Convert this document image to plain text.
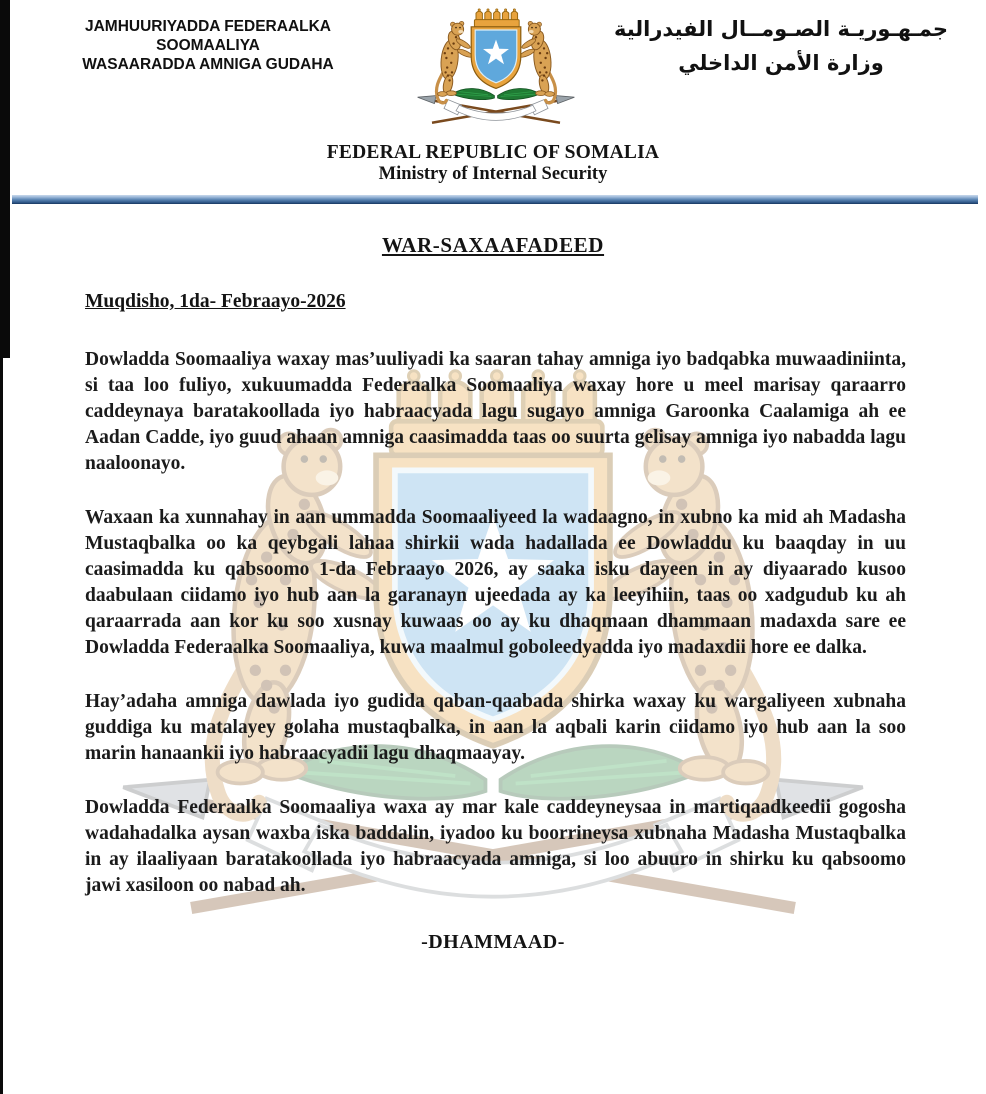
JAMHUURIYADDA FEDERAALKA
SOOMAALIYA
WASAARADDA AMNIGA GUDAHA
جمـهـوريـة الصـومــال الفيدرالية
وزارة الأمن الداخلي
FEDERAL REPUBLIC OF SOMALIA
Ministry of Internal Security
WAR-SAXAAFADEED
Muqdisho, 1da- Febraayo-2026

Dowladda Soomaaliya waxay mas’uuliyadi ka saaran tahay amniga iyo badqabka muwaadiniinta, si taa loo fuliyo, xukuumadda Federaalka Soomaaliya waxay hore u meel marisay qaraarro caddeynaya baratakoollada iyo habraacyada lagu sugayo amniga Garoonka Caalamiga ah ee Aadan Cadde, iyo guud ahaan amniga caasimadda taas oo suurta gelisay amniga iyo nabadda lagu naaloonayo.

Waxaan ka xunnahay in aan ummadda Soomaaliyeed la wadaagno, in xubno ka mid ah Madasha Mustaqbalka oo ka qeybgali lahaa shirkii wada hadallada ee Dowladdu ku baaqday in uu caasimadda ku qabsoomo 1-da Febraayo 2026, ay saaka isku dayeen in ay diyaarado kusoo daabulaan ciidamo iyo hub aan la garanayn ujeedada ay ka leeyihiin, taas oo xadgudub ku ah qaraarrada aan kor ku soo xusnay kuwaas oo ay ku dhaqmaan dhammaan madaxda sare ee Dowladda Federaalka Soomaaliya, kuwa maalmul goboleedyadda iyo madaxdii hore ee dalka.

Hay’adaha amniga dawlada iyo gudida qaban-qaabada shirka waxay ku wargaliyeen xubnaha guddiga ku matalayey golaha mustaqbalka, in aan la aqbali karin ciidamo iyo hub aan la soo marin hanaankii iyo habraacyadii lagu dhaqmaayay.

Dowladda Federaalka Soomaaliya waxa ay mar kale caddeyneysaa in martiqaadkeedii gogosha wadahadalka aysan waxba iska baddalin, iyadoo ku boorrineysa xubnaha Madasha Mustaqbalka in ay ilaaliyaan baratakoollada iyo habraacyada amniga, si loo abuuro in shirku ku qabsoomo jawi xasiloon oo nabad ah.

-DHAMMAAD-
